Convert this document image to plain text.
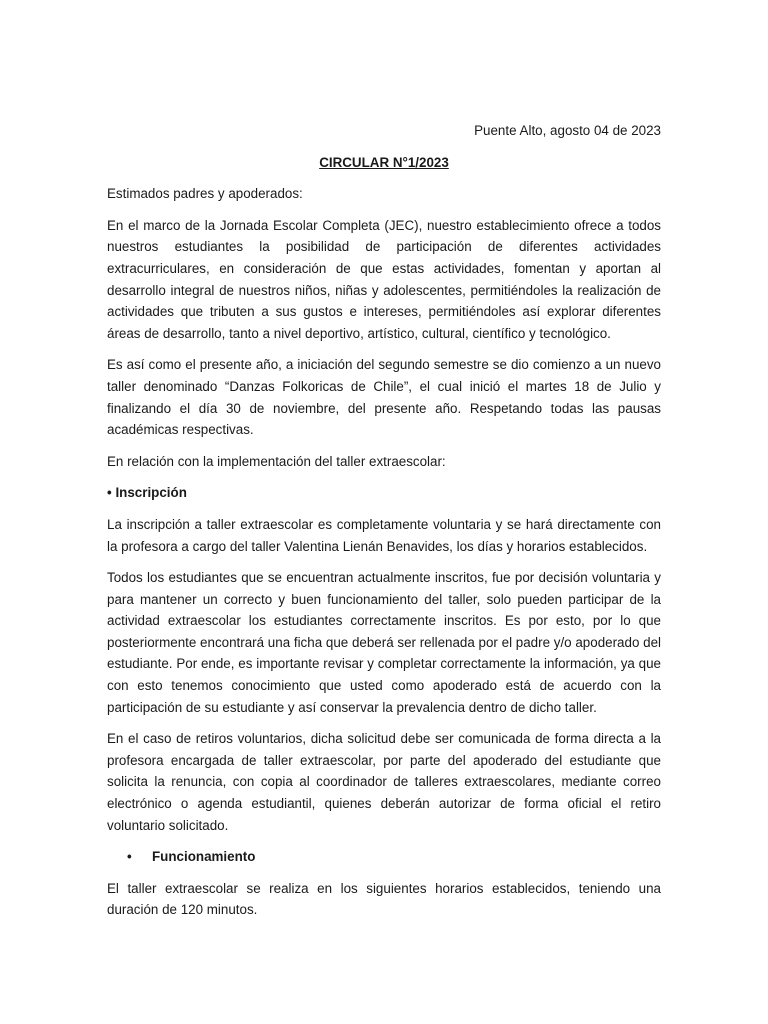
Puente Alto, agosto 04 de 2023

CIRCULAR N°1/2023

Estimados padres y apoderados:

En el marco de la Jornada Escolar Completa (JEC), nuestro establecimiento ofrece a todos nuestros estudiantes la posibilidad de participación de diferentes actividades extracurriculares, en consideración de que estas actividades, fomentan y aportan al desarrollo integral de nuestros niños, niñas y adolescentes, permitiéndoles la realización de actividades que tributen a sus gustos e intereses, permitiéndoles así explorar diferentes áreas de desarrollo, tanto a nivel deportivo, artístico, cultural, científico y tecnológico.

Es así como el presente año, a iniciación del segundo semestre se dio comienzo a un nuevo taller denominado “Danzas Folkoricas de Chile”, el cual inició el martes 18 de Julio y finalizando el día 30 de noviembre, del presente año. Respetando todas las pausas académicas respectivas.

En relación con la implementación del taller extraescolar:

• Inscripción

La inscripción a taller extraescolar es completamente voluntaria y se hará directamente con la profesora a cargo del taller Valentina Lienán Benavides, los días y horarios establecidos.

Todos los estudiantes que se encuentran actualmente inscritos, fue por decisión voluntaria y para mantener un correcto y buen funcionamiento del taller, solo pueden participar de la actividad extraescolar los estudiantes correctamente inscritos. Es por esto, por lo que posteriormente encontrará una ficha que deberá ser rellenada por el padre y/o apoderado del estudiante. Por ende, es importante revisar y completar correctamente la información, ya que con esto tenemos conocimiento que usted como apoderado está de acuerdo con la participación de su estudiante y así conservar la prevalencia dentro de dicho taller.

En el caso de retiros voluntarios, dicha solicitud debe ser comunicada de forma directa a la profesora encargada de taller extraescolar, por parte del apoderado del estudiante que solicita la renuncia, con copia al coordinador de talleres extraescolares, mediante correo electrónico o agenda estudiantil, quienes deberán autorizar de forma oficial el retiro voluntario solicitado.

•	Funcionamiento

El taller extraescolar se realiza en los siguientes horarios establecidos, teniendo una duración de 120 minutos.
